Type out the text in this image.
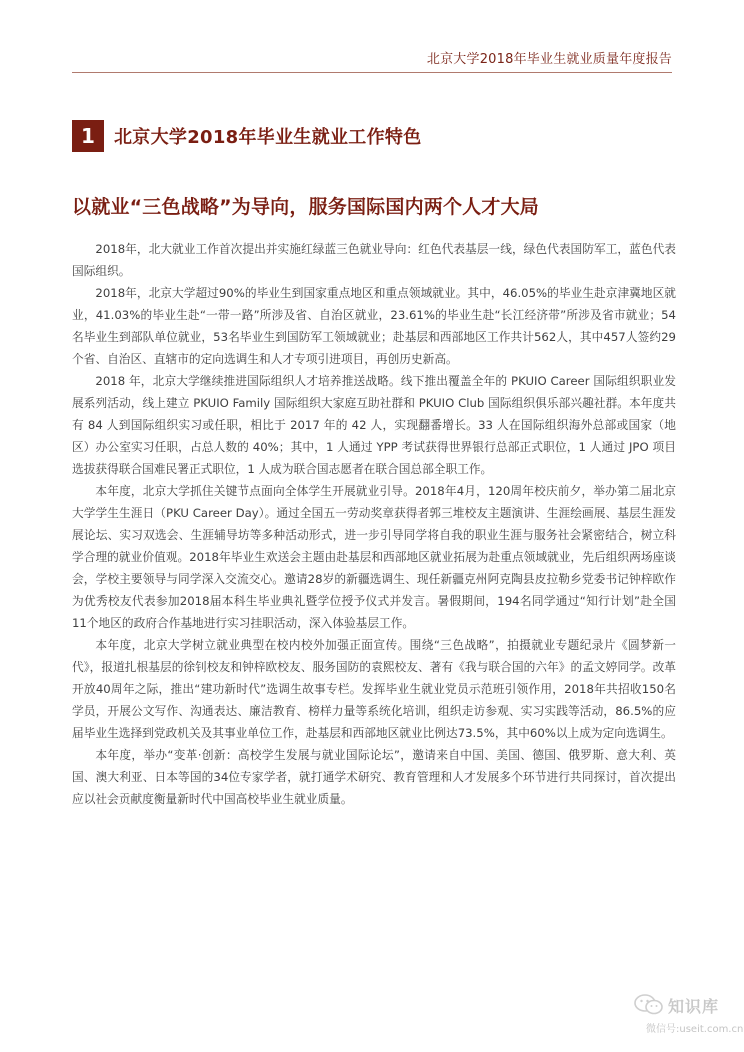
北京大学2018年毕业生就业质量年度报告
1	北京大学2018年毕业生就业工作特色
以就业“三色战略”为导向，服务国际国内两个人才大局

2018年，北大就业工作首次提出并实施红绿蓝三色就业导向：红色代表基层一线，绿色代表国防军工，蓝色代表国际组织。

2018年，北京大学超过90%的毕业生到国家重点地区和重点领域就业。其中，46.05%的毕业生赴京津冀地区就业，41.03%的毕业生赴“一带一路”所涉及省、自治区就业，23.61%的毕业生赴“长江经济带”所涉及省市就业；54名毕业生到部队单位就业，53名毕业生到国防军工领域就业；赴基层和西部地区工作共计562人，其中457人签约29个省、自治区、直辖市的定向选调生和人才专项引进项目，再创历史新高。

2018 年，北京大学继续推进国际组织人才培养推送战略。线下推出覆盖全年的 PKUIO Career 国际组织职业发展系列活动，线上建立 PKUIO Family 国际组织大家庭互助社群和 PKUIO Club 国际组织俱乐部兴趣社群。本年度共有 84 人到国际组织实习或任职，相比于 2017 年的 42 人，实现翻番增长。33 人在国际组织海外总部或国家（地区）办公室实习任职，占总人数的 40%；其中，1 人通过 YPP 考试获得世界银行总部正式职位，1 人通过 JPO 项目选拔获得联合国难民署正式职位，1 人成为联合国志愿者在联合国总部全职工作。

本年度，北京大学抓住关键节点面向全体学生开展就业引导。2018年4月，120周年校庆前夕，举办第二届北京大学学生生涯日（PKU Career Day）。通过全国五一劳动奖章获得者郭三堆校友主题演讲、生涯绘画展、基层生涯发展论坛、实习双选会、生涯辅导坊等多种活动形式，进一步引导同学将自我的职业生涯与服务社会紧密结合，树立科学合理的就业价值观。2018年毕业生欢送会主题由赴基层和西部地区就业拓展为赴重点领域就业，先后组织两场座谈会，学校主要领导与同学深入交流交心。邀请28岁的新疆选调生、现任新疆克州阿克陶县皮拉勒乡党委书记钟梓欧作为优秀校友代表参加2018届本科生毕业典礼暨学位授予仪式并发言。暑假期间，194名同学通过“知行计划”赴全国11个地区的政府合作基地进行实习挂职活动，深入体验基层工作。

本年度，北京大学树立就业典型在校内校外加强正面宣传。围绕“三色战略”，拍摄就业专题纪录片《圆梦新一代》，报道扎根基层的徐钊校友和钟梓欧校友、服务国防的袁熙校友、著有《我与联合国的六年》的孟文婷同学。改革开放40周年之际，推出“建功新时代”选调生故事专栏。发挥毕业生就业党员示范班引领作用，2018年共招收150名学员，开展公文写作、沟通表达、廉洁教育、榜样力量等系统化培训，组织走访参观、实习实践等活动，86.5%的应届毕业生选择到党政机关及其事业单位工作，赴基层和西部地区就业比例达73.5%，其中60%以上成为定向选调生。

本年度，举办“变革·创新：高校学生发展与就业国际论坛”，邀请来自中国、美国、德国、俄罗斯、意大利、英国、澳大利亚、日本等国的34位专家学者，就打通学术研究、教育管理和人才发展多个环节进行共同探讨，首次提出应以社会贡献度衡量新时代中国高校毕业生就业质量。

知识库
微信号:useit.com.cn
